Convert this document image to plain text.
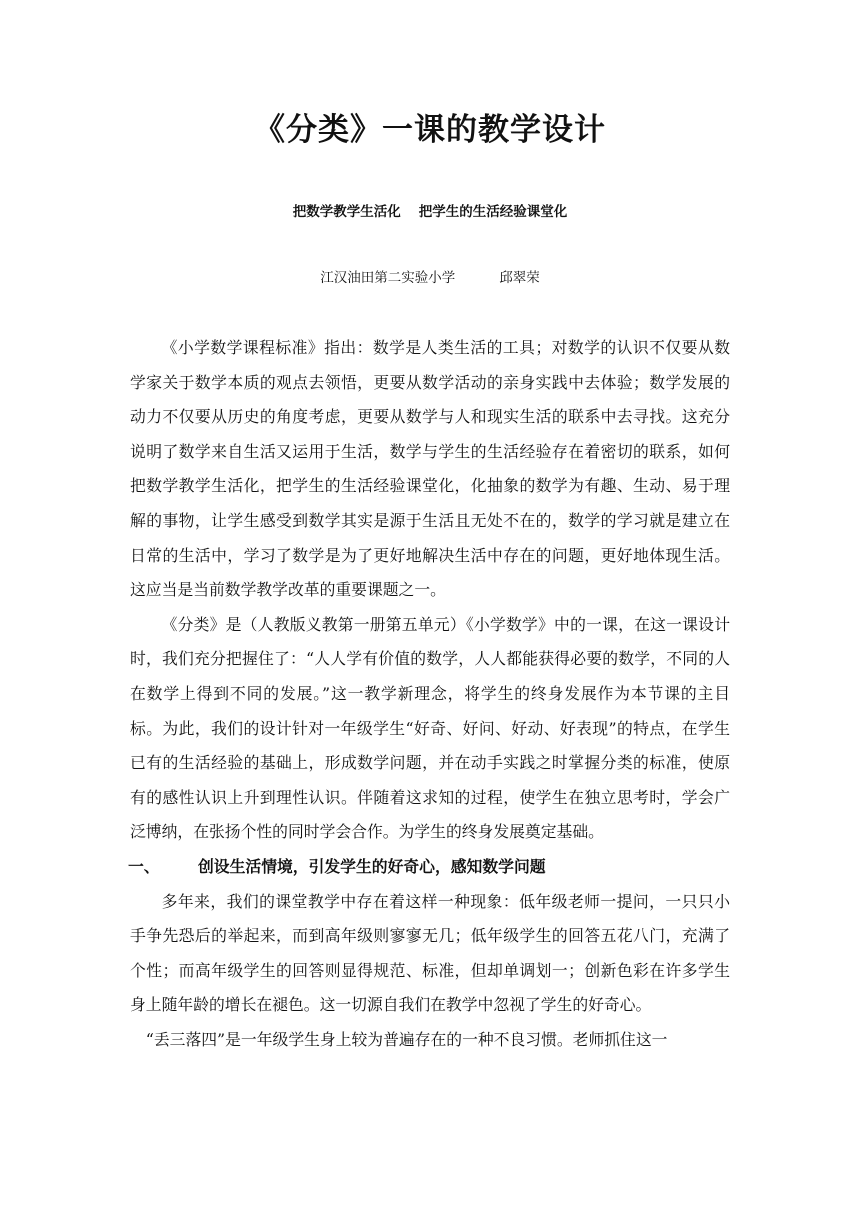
《分类》一课的教学设计
把数学教学生活化 把学生的生活经验课堂化
江汉油田第二实验小学	邱翠荣

《小学数学课程标准》指出：数学是人类生活的工具；对数学的认识不仅要从数学家关于数学本质的观点去领悟，更要从数学活动的亲身实践中去体验；数学发展的动力不仅要从历史的角度考虑，更要从数学与人和现实生活的联系中去寻找。这充分说明了数学来自生活又运用于生活，数学与学生的生活经验存在着密切的联系，如何把数学教学生活化，把学生的生活经验课堂化，化抽象的数学为有趣、生动、易于理解的事物，让学生感受到数学其实是源于生活且无处不在的，数学的学习就是建立在日常的生活中，学习了数学是为了更好地解决生活中存在的问题，更好地体现生活。这应当是当前数学教学改革的重要课题之一。

《分类》是（人教版义教第一册第五单元）《小学数学》中的一课，在这一课设计时，我们充分把握住了：“人人学有价值的数学，人人都能获得必要的数学，不同的人在数学上得到不同的发展。”这一教学新理念，将学生的终身发展作为本节课的主目标。为此，我们的设计针对一年级学生“好奇、好问、好动、好表现”的特点，在学生已有的生活经验的基础上，形成数学问题，并在动手实践之时掌握分类的标准，使原有的感性认识上升到理性认识。伴随着这求知的过程，使学生在独立思考时，学会广泛博纳，在张扬个性的同时学会合作。为学生的终身发展奠定基础。

一、	创设生活情境，引发学生的好奇心，感知数学问题

多年来，我们的课堂教学中存在着这样一种现象：低年级老师一提问，一只只小手争先恐后的举起来，而到高年级则寥寥无几；低年级学生的回答五花八门，充满了个性；而高年级学生的回答则显得规范、标准，但却单调划一；创新色彩在许多学生身上随年龄的增长在褪色。这一切源自我们在教学中忽视了学生的好奇心。

“丢三落四”是一年级学生身上较为普遍存在的一种不良习惯。老师抓住这一
